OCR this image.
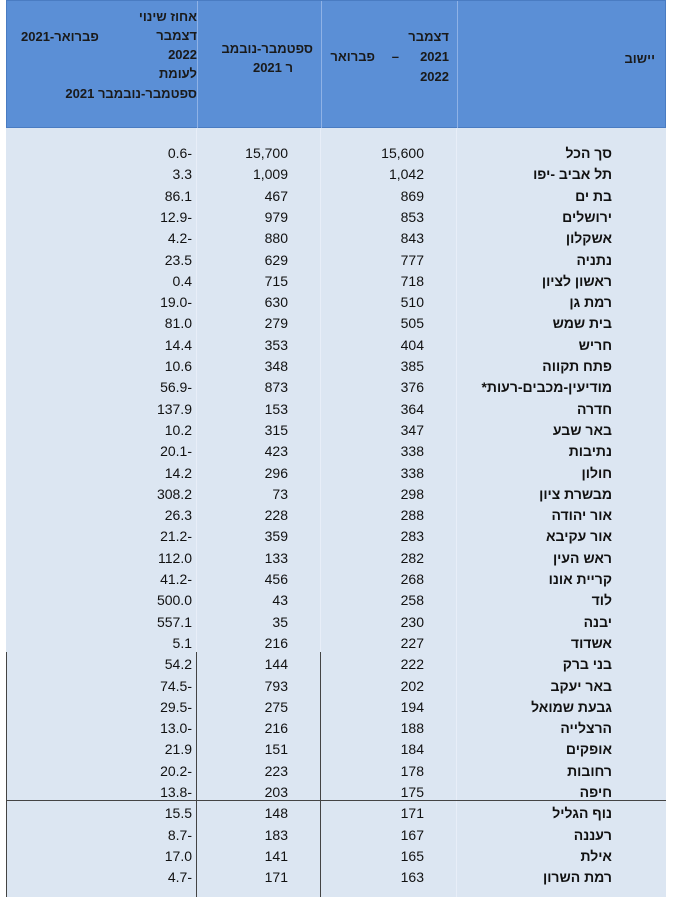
אחוז שינוי
2021-פברואר	דצמבר
2022
לעומת
ספטמבר-נובמבר 2021
ספטמבר-נובמב
ר 2021
דצמבר
2021
–
פברואר
2022
יישוב
סך הכל
15,600
15,700
0.6-
תל אביב -יפו
1,042
1,009
3.3
בת ים
869
467
86.1
ירושלים
853
979
12.9-
אשקלון
843
880
4.2-
נתניה
777
629
23.5
ראשון לציון
718
715
0.4
רמת גן
510
630
19.0-
בית שמש
505
279
81.0
חריש
404
353
14.4
פתח תקווה
385
348
10.6
מודיעין-מכבים-רעות*
376
873
56.9-
חדרה
364
153
137.9
באר שבע
347
315
10.2
נתיבות
338
423
20.1-
חולון
338
296
14.2
מבשרת ציון
298
73
308.2
אור יהודה
288
228
26.3
אור עקיבא
283
359
21.2-
ראש העין
282
133
112.0
קריית אונו
268
456
41.2-
לוד
258
43
500.0
יבנה
230
35
557.1
אשדוד
227
216
5.1
בני ברק
222
144
54.2
באר יעקב
202
793
74.5-
גבעת שמואל
194
275
29.5-
הרצלייה
188
216
13.0-
אופקים
184
151
21.9
רחובות
178
223
20.2-
חיפה
175
203
13.8-
נוף הגליל
171
148
15.5
רעננה
167
183
8.7-
אילת
165
141
17.0
רמת השרון
163
171
4.7-
